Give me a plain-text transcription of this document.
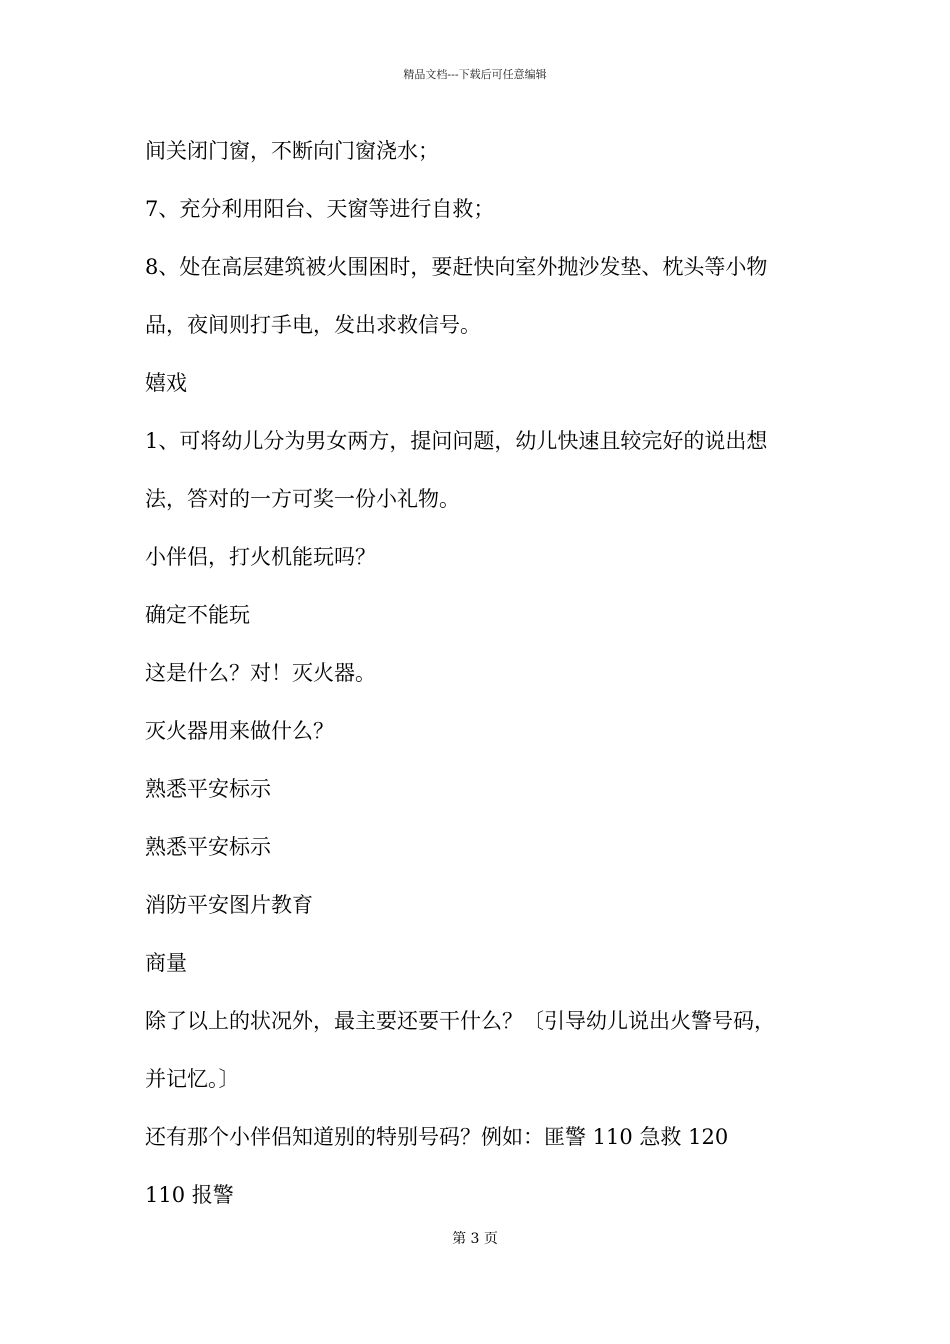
精品文档---下载后可任意编辑
间关闭门窗，不断向门窗浇水；
7、充分利用阳台、天窗等进行自救；
8、处在高层建筑被火围困时，要赶快向室外抛沙发垫、枕头等小物
品，夜间则打手电，发出求救信号。
嬉戏
1、可将幼儿分为男女两方，提问问题，幼儿快速且较完好的说出想
法，答对的一方可奖一份小礼物。
小伴侣，打火机能玩吗？
确定不能玩
这是什么？对！灭火器。
灭火器用来做什么？
熟悉平安标示
熟悉平安标示
消防平安图片教育
商量
除了以上的状况外，最主要还要干什么？〔引导幼儿说出火警号码，
并记忆。〕
还有那个小伴侣知道别的特别号码？例如：匪警 110 急救 120
110 报警
第 3 页
